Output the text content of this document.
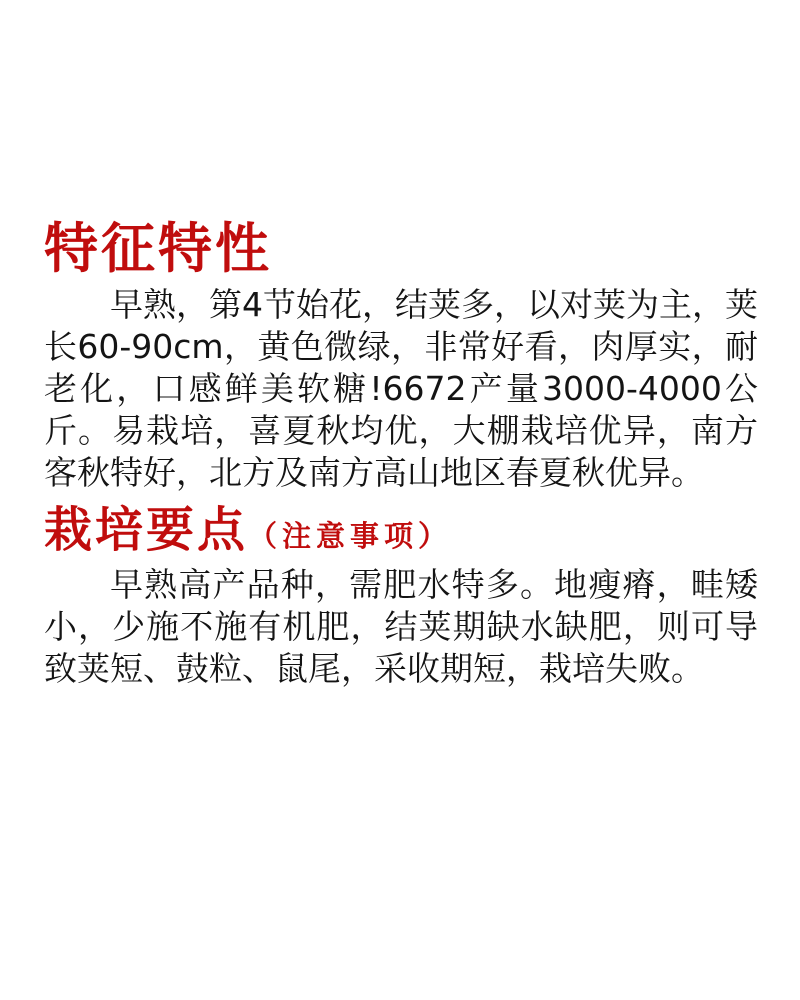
特征特性

早熟，第4节始花，结荚多，以对荚为主，荚长60-90cm，黄色微绿，非常好看，肉厚实，耐老化，口感鲜美软糖!6672产量3000-4000公斤。易栽培，喜夏秋均优，大棚栽培优异，南方客秋特好，北方及南方高山地区春夏秋优异。

栽培要点（注意事项）

早熟高产品种，需肥水特多。地瘦瘠，畦矮小，少施不施有机肥，结荚期缺水缺肥，则可导致荚短、鼓粒、鼠尾，采收期短，栽培失败。
